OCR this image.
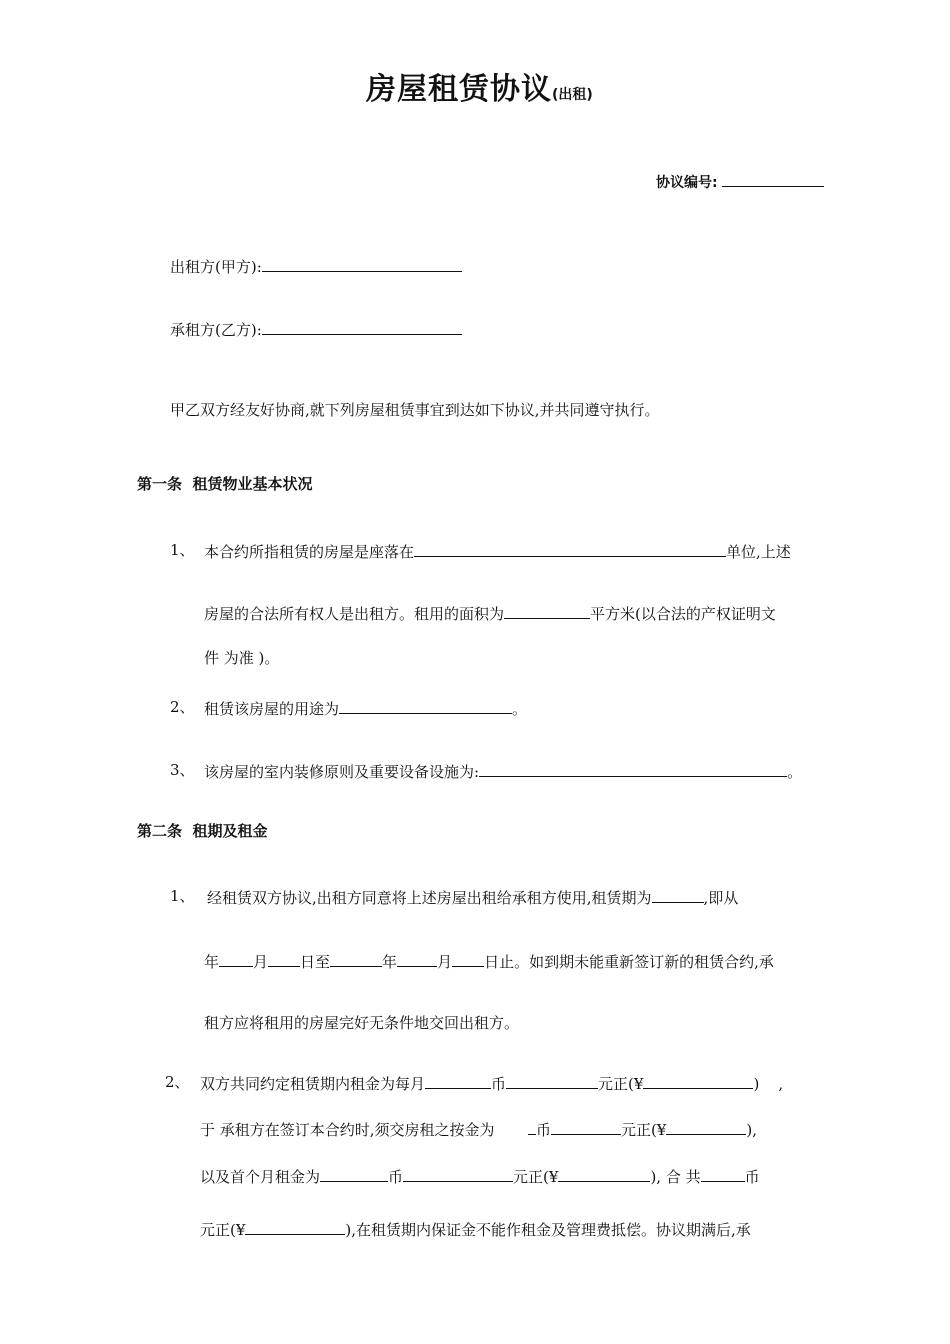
房屋租赁协议(出租)
协议编号:
出租方(甲方):
承租方(乙方):
甲乙双方经友好协商,就下列房屋租赁事宜到达如下协议,并共同遵守执行。
第一条  租赁物业基本状况
1、 本合约所指租赁的房屋是座落在	单位,上述
房屋的合法所有权人是出租方。租用的面积为	平方米(以合法的产权证明文
件 为准 )。
2、 租赁该房屋的用途为	。
3、 该房屋的室内装修原则及重要设备设施为:	。
第二条  租期及租金
1、 经租赁双方协议,出租方同意将上述房屋出租给承租方使用,租赁期为	,即从
年 月 日至	年	月 日止。如到期未能重新签订新的租赁合约,承
租方应将租用的房屋完好无条件地交回出租方。
2、 双方共同约定租赁期内租金为每月	币	元正(¥	) ,
于 承租方在签订本合约时,须交房租之按金为	币	元正(¥	),
以及首个月租金为	币	元正(¥	), 合 共	币
元正(¥	),在租赁期内保证金不能作租金及管理费抵偿。协议期满后,承
